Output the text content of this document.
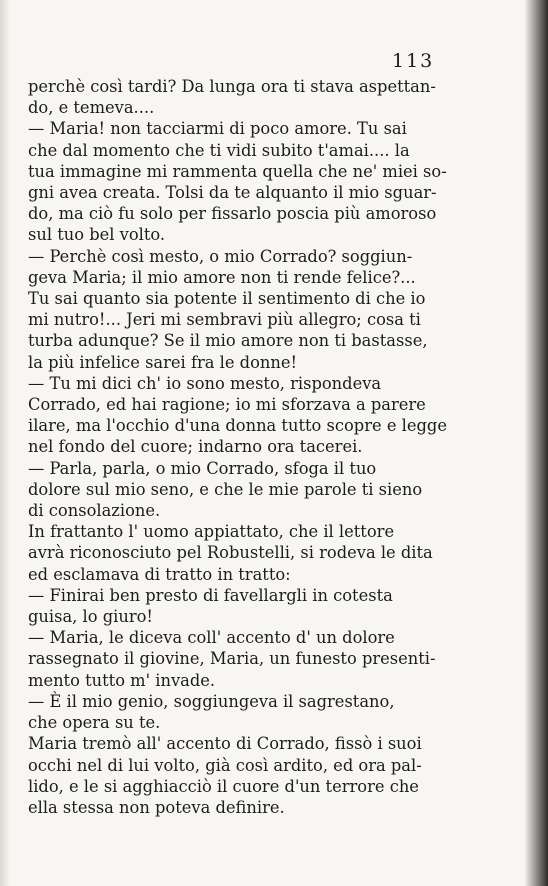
113
perchè così tardi? Da lunga ora ti stava aspettan-
do, e temeva....
— Maria! non tacciarmi di poco amore. Tu sai
che dal momento che ti vidi subito t'amai.... la
tua immagine mi rammenta quella che ne' miei so-
gni avea creata. Tolsi da te alquanto il mio sguar-
do, ma ciò fu solo per fissarlo poscia più amoroso
sul tuo bel volto.
— Perchè così mesto, o mio Corrado? soggiun-
geva Maria; il mio amore non ti rende felice?...
Tu sai quanto sia potente il sentimento di che io
mi nutro!... Jeri mi sembravi più allegro; cosa ti
turba adunque? Se il mio amore non ti bastasse,
la più infelice sarei fra le donne!
— Tu mi dici ch' io sono mesto, rispondeva
Corrado, ed hai ragione; io mi sforzava a parere
ilare, ma l'occhio d'una donna tutto scopre e legge
nel fondo del cuore; indarno ora tacerei.
— Parla, parla, o mio Corrado, sfoga il tuo
dolore sul mio seno, e che le mie parole ti sieno
di consolazione.
In frattanto l' uomo appiattato, che il lettore
avrà riconosciuto pel Robustelli, si rodeva le dita
ed esclamava di tratto in tratto:
— Finirai ben presto di favellargli in cotesta
guisa, lo giuro!
— Maria, le diceva coll' accento d' un dolore
rassegnato il giovine, Maria, un funesto presenti-
mento tutto m' invade.
— È il mio genio, soggiungeva il sagrestano,
che opera su te.
Maria tremò all' accento di Corrado, fissò i suoi
occhi nel di lui volto, già così ardito, ed ora pal-
lido, e le si agghiacciò il cuore d'un terrore che
ella stessa non poteva definire.
